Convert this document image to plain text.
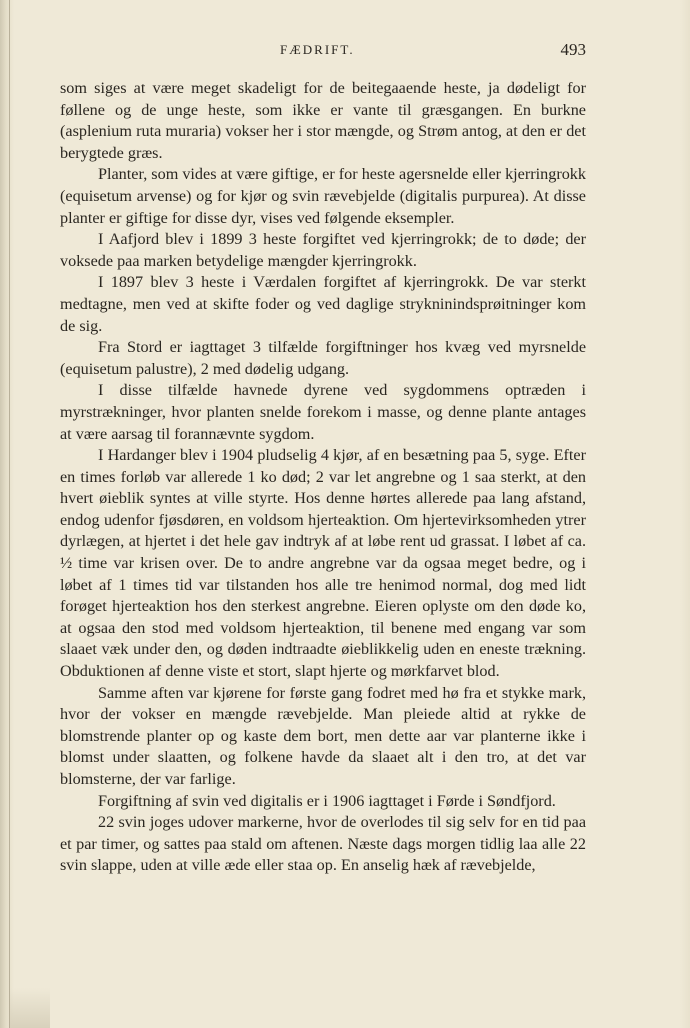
FÆDRIFT.	493

som siges at være meget skadeligt for de beitegaaende heste, ja dødeligt for føllene og de unge heste, som ikke er vante til græsgangen. En burkne (asplenium ruta muraria) vokser her i stor mængde, og Strøm antog, at den er det berygtede græs.

Planter, som vides at være giftige, er for heste agersnelde eller kjerringrokk (equisetum arvense) og for kjør og svin rævebjelde (digitalis purpurea). At disse planter er giftige for disse dyr, vises ved følgende eksempler.

I Aafjord blev i 1899 3 heste forgiftet ved kjerringrokk; de to døde; der voksede paa marken betydelige mængder kjerringrokk.

I 1897 blev 3 heste i Værdalen forgiftet af kjerringrokk. De var sterkt medtagne, men ved at skifte foder og ved daglige strykninindsprøitninger kom de sig.

Fra Stord er iagttaget 3 tilfælde forgiftninger hos kvæg ved myrsnelde (equisetum palustre), 2 med dødelig udgang.

I disse tilfælde havnede dyrene ved sygdommens optræden i myrstrækninger, hvor planten snelde forekom i masse, og denne plante antages at være aarsag til forannævnte sygdom.

I Hardanger blev i 1904 pludselig 4 kjør, af en besætning paa 5, syge. Efter en times forløb var allerede 1 ko død; 2 var let angrebne og 1 saa sterkt, at den hvert øieblik syntes at ville styrte. Hos denne hørtes allerede paa lang afstand, endog udenfor fjøsdøren, en voldsom hjerteaktion. Om hjertevirksomheden ytrer dyrlægen, at hjertet i det hele gav indtryk af at løbe rent ud grassat. I løbet af ca. ½ time var krisen over. De to andre angrebne var da ogsaa meget bedre, og i løbet af 1 times tid var tilstanden hos alle tre henimod normal, dog med lidt forøget hjerteaktion hos den sterkest angrebne. Eieren oplyste om den døde ko, at ogsaa den stod med voldsom hjerteaktion, til benene med engang var som slaaet væk under den, og døden indtraadte øieblikkelig uden en eneste trækning. Obduktionen af denne viste et stort, slapt hjerte og mørkfarvet blod.

Samme aften var kjørene for første gang fodret med hø fra et stykke mark, hvor der vokser en mængde rævebjelde. Man pleiede altid at rykke de blomstrende planter op og kaste dem bort, men dette aar var planterne ikke i blomst under slaatten, og folkene havde da slaaet alt i den tro, at det var blomsterne, der var farlige.

Forgiftning af svin ved digitalis er i 1906 iagttaget i Førde i Søndfjord.

22 svin joges udover markerne, hvor de overlodes til sig selv for en tid paa et par timer, og sattes paa stald om aftenen. Næste dags morgen tidlig laa alle 22 svin slappe, uden at ville æde eller staa op. En anselig hæk af rævebjelde,
